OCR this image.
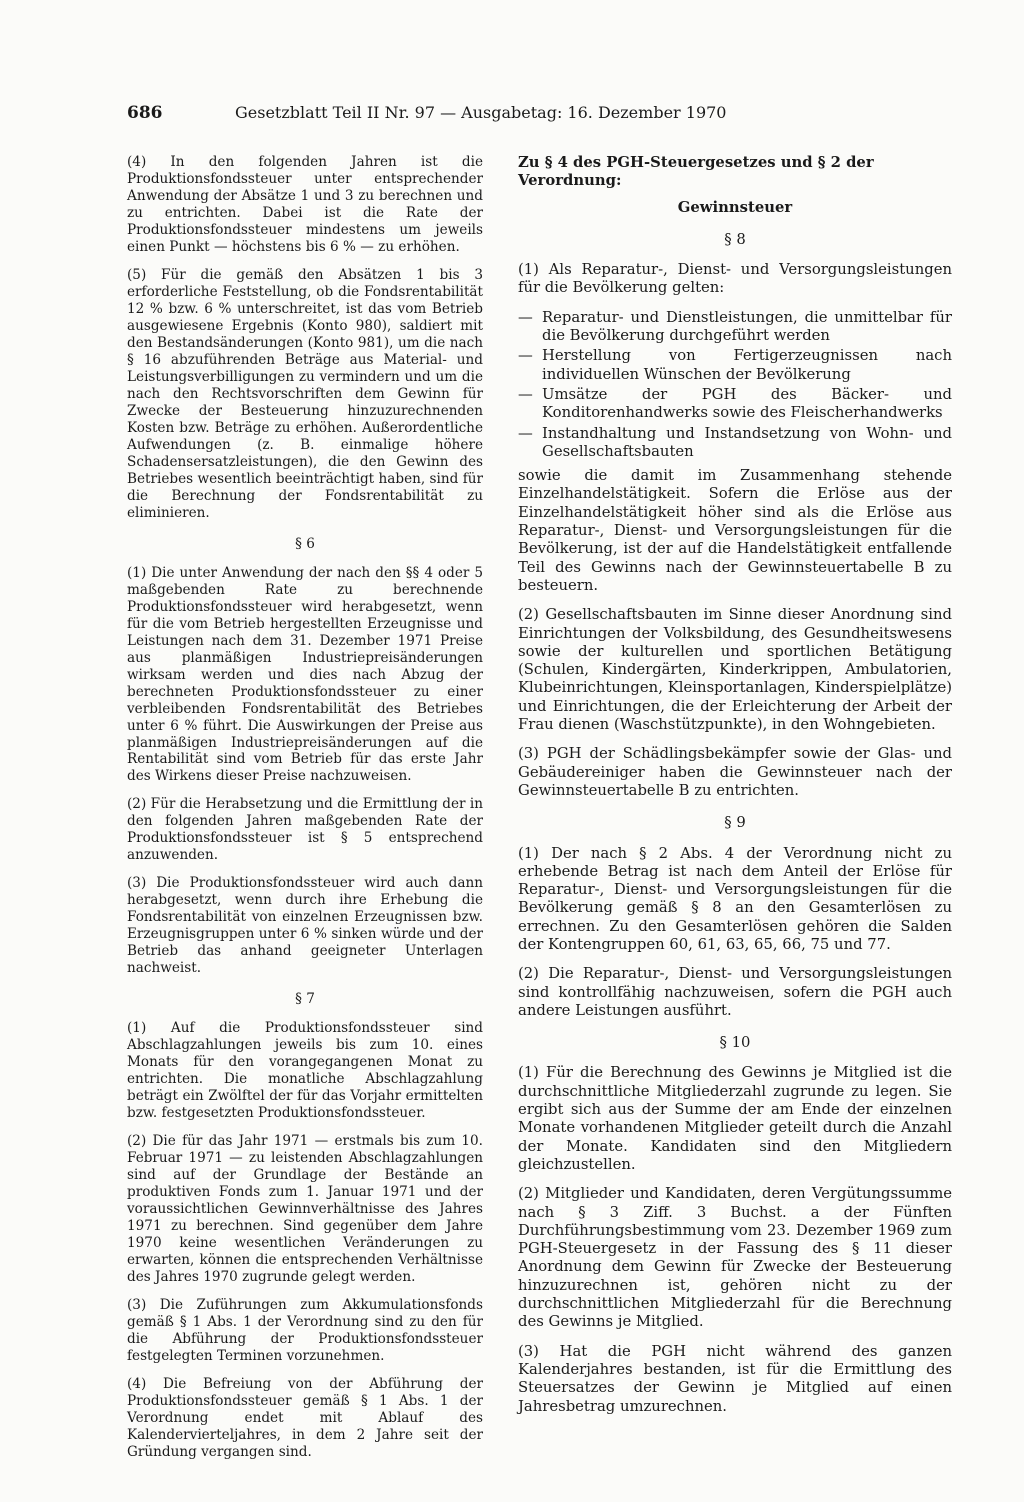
686	Gesetzblatt Teil II Nr. 97 — Ausgabetag: 16. Dezember 1970

(4) In den folgenden Jahren ist die Produktionsfondssteuer unter entsprechender Anwendung der Absätze 1 und 3 zu berechnen und zu entrichten. Dabei ist die Rate der Produktionsfondssteuer mindestens um jeweils einen Punkt — höchstens bis 6 % — zu erhöhen.

(5) Für die gemäß den Absätzen 1 bis 3 erforderliche Feststellung, ob die Fondsrentabilität 12 % bzw. 6 % unterschreitet, ist das vom Betrieb ausgewiesene Ergebnis (Konto 980), saldiert mit den Bestandsänderungen (Konto 981), um die nach § 16 abzuführenden Beträge aus Material- und Leistungsverbilligungen zu vermindern und um die nach den Rechtsvorschriften dem Gewinn für Zwecke der Besteuerung hinzuzurechnenden Kosten bzw. Beträge zu erhöhen. Außerordentliche Aufwendungen (z. B. einmalige höhere Schadensersatzleistungen), die den Gewinn des Betriebes wesentlich beeinträchtigt haben, sind für die Berechnung der Fondsrentabilität zu eliminieren.

§ 6

(1) Die unter Anwendung der nach den §§ 4 oder 5 maßgebenden Rate zu berechnende Produktionsfondssteuer wird herabgesetzt, wenn für die vom Betrieb hergestellten Erzeugnisse und Leistungen nach dem 31. Dezember 1971 Preise aus planmäßigen Industriepreisänderungen wirksam werden und dies nach Abzug der berechneten Produktionsfondssteuer zu einer verbleibenden Fondsrentabilität des Betriebes unter 6 % führt. Die Auswirkungen der Preise aus planmäßigen Industriepreisänderungen auf die Rentabilität sind vom Betrieb für das erste Jahr des Wirkens dieser Preise nachzuweisen.

(2) Für die Herabsetzung und die Ermittlung der in den folgenden Jahren maßgebenden Rate der Produktionsfondssteuer ist § 5 entsprechend anzuwenden.

(3) Die Produktionsfondssteuer wird auch dann herabgesetzt, wenn durch ihre Erhebung die Fondsrentabilität von einzelnen Erzeugnissen bzw. Erzeugnisgruppen unter 6 % sinken würde und der Betrieb das anhand geeigneter Unterlagen nachweist.

§ 7

(1) Auf die Produktionsfondssteuer sind Abschlagzahlungen jeweils bis zum 10. eines Monats für den vorangegangenen Monat zu entrichten. Die monatliche Abschlagzahlung beträgt ein Zwölftel der für das Vorjahr ermittelten bzw. festgesetzten Produktionsfondssteuer.

(2) Die für das Jahr 1971 — erstmals bis zum 10. Februar 1971 — zu leistenden Abschlagzahlungen sind auf der Grundlage der Bestände an produktiven Fonds zum 1. Januar 1971 und der voraussichtlichen Gewinnverhältnisse des Jahres 1971 zu berechnen. Sind gegenüber dem Jahre 1970 keine wesentlichen Veränderungen zu erwarten, können die entsprechenden Verhältnisse des Jahres 1970 zugrunde gelegt werden.

(3) Die Zuführungen zum Akkumulationsfonds gemäß § 1 Abs. 1 der Verordnung sind zu den für die Abführung der Produktionsfondssteuer festgelegten Terminen vorzunehmen.

(4) Die Befreiung von der Abführung der Produktionsfondssteuer gemäß § 1 Abs. 1 der Verordnung endet mit Ablauf des Kalendervierteljahres, in dem 2 Jahre seit der Gründung vergangen sind.

Zu § 4 des PGH-Steuergesetzes und § 2 der Verordnung:
Gewinnsteuer
§ 8

(1) Als Reparatur-, Dienst- und Versorgungsleistungen für die Bevölkerung gelten:

— Reparatur- und Dienstleistungen, die unmittelbar für die Bevölkerung durchgeführt werden
— Herstellung von Fertigerzeugnissen nach individuellen Wünschen der Bevölkerung
— Umsätze der PGH des Bäcker- und Konditorenhandwerks sowie des Fleischerhandwerks
— Instandhaltung und Instandsetzung von Wohn- und Gesellschaftsbauten

sowie die damit im Zusammenhang stehende Einzelhandelstätigkeit. Sofern die Erlöse aus der Einzelhandelstätigkeit höher sind als die Erlöse aus Reparatur-, Dienst- und Versorgungsleistungen für die Bevölkerung, ist der auf die Handelstätigkeit entfallende Teil des Gewinns nach der Gewinnsteuertabelle B zu besteuern.

(2) Gesellschaftsbauten im Sinne dieser Anordnung sind Einrichtungen der Volksbildung, des Gesundheitswesens sowie der kulturellen und sportlichen Betätigung (Schulen, Kindergärten, Kinderkrippen, Ambulatorien, Klubeinrichtungen, Kleinsportanlagen, Kinderspielplätze) und Einrichtungen, die der Erleichterung der Arbeit der Frau dienen (Waschstützpunkte), in den Wohngebieten.

(3) PGH der Schädlingsbekämpfer sowie der Glas- und Gebäudereiniger haben die Gewinnsteuer nach der Gewinnsteuertabelle B zu entrichten.

§ 9

(1) Der nach § 2 Abs. 4 der Verordnung nicht zu erhebende Betrag ist nach dem Anteil der Erlöse für Reparatur-, Dienst- und Versorgungsleistungen für die Bevölkerung gemäß § 8 an den Gesamterlösen zu errechnen. Zu den Gesamterlösen gehören die Salden der Kontengruppen 60, 61, 63, 65, 66, 75 und 77.

(2) Die Reparatur-, Dienst- und Versorgungsleistungen sind kontrollfähig nachzuweisen, sofern die PGH auch andere Leistungen ausführt.

§ 10

(1) Für die Berechnung des Gewinns je Mitglied ist die durchschnittliche Mitgliederzahl zugrunde zu legen. Sie ergibt sich aus der Summe der am Ende der einzelnen Monate vorhandenen Mitglieder geteilt durch die Anzahl der Monate. Kandidaten sind den Mitgliedern gleichzustellen.

(2) Mitglieder und Kandidaten, deren Vergütungssumme nach § 3 Ziff. 3 Buchst. a der Fünften Durchführungsbestimmung vom 23. Dezember 1969 zum PGH-Steuergesetz in der Fassung des § 11 dieser Anordnung dem Gewinn für Zwecke der Besteuerung hinzuzurechnen ist, gehören nicht zu der durchschnittlichen Mitgliederzahl für die Berechnung des Gewinns je Mitglied.

(3) Hat die PGH nicht während des ganzen Kalenderjahres bestanden, ist für die Ermittlung des Steuersatzes der Gewinn je Mitglied auf einen Jahresbetrag umzurechnen.
